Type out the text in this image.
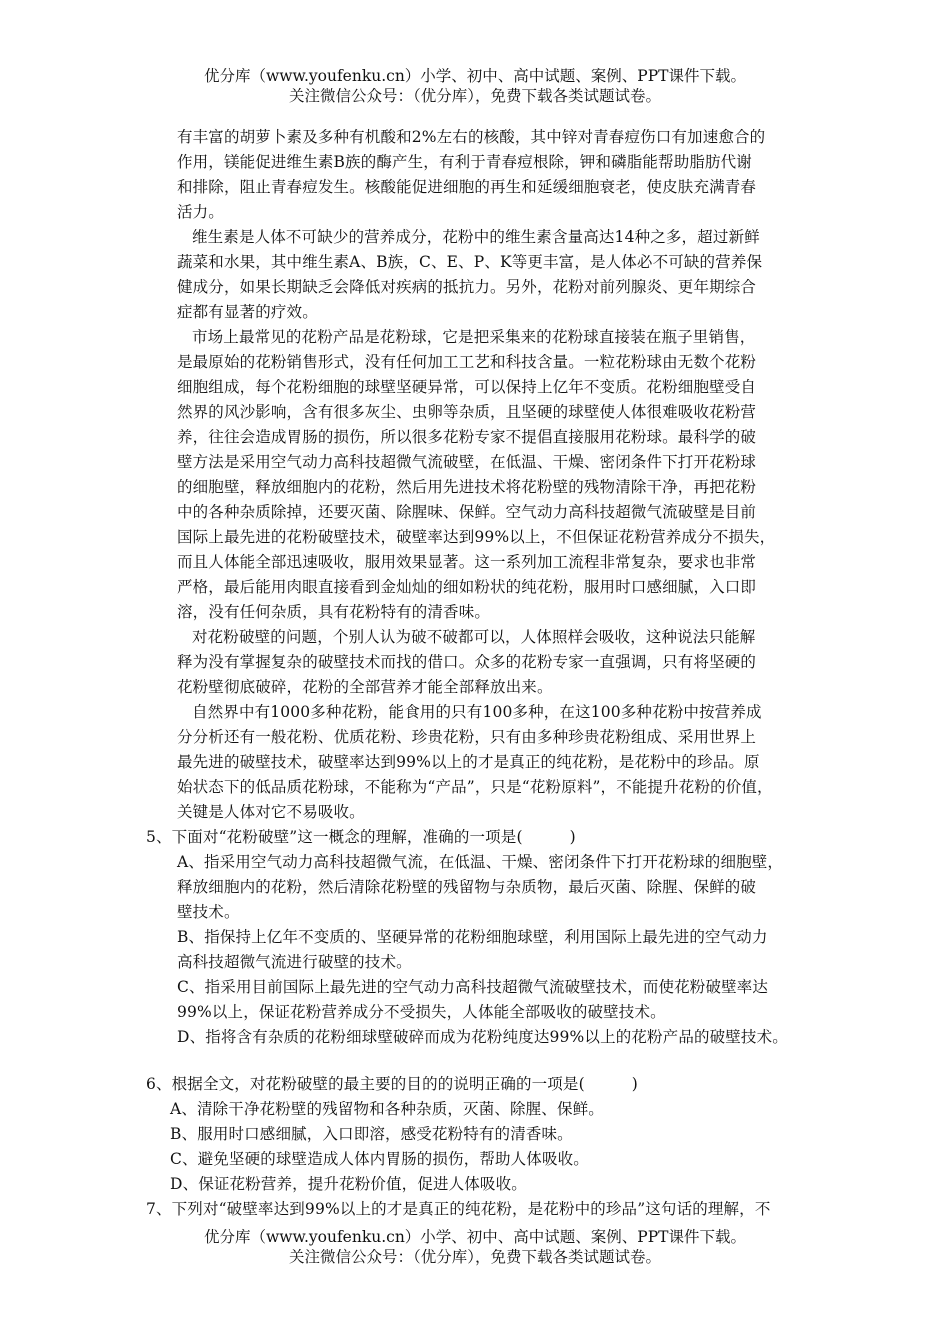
优分库（www.youfenku.cn）小学、初中、高中试题、案例、PPT课件下载。
关注微信公众号：（优分库），免费下载各类试题试卷。
有丰富的胡萝卜素及多种有机酸和2%左右的核酸，其中锌对青春痘伤口有加速愈合的
作用，镁能促进维生素B族的酶产生，有利于青春痘根除，钾和磷脂能帮助脂肪代谢
和排除，阻止青春痘发生。核酸能促进细胞的再生和延缓细胞衰老，使皮肤充满青春
活力。
维生素是人体不可缺少的营养成分，花粉中的维生素含量高达14种之多，超过新鲜
蔬菜和水果，其中维生素A、B族，C、E、P、K等更丰富，是人体必不可缺的营养保
健成分，如果长期缺乏会降低对疾病的抵抗力。另外，花粉对前列腺炎、更年期综合
症都有显著的疗效。
市场上最常见的花粉产品是花粉球，它是把采集来的花粉球直接装在瓶子里销售，
是最原始的花粉销售形式，没有任何加工工艺和科技含量。一粒花粉球由无数个花粉
细胞组成，每个花粉细胞的球壁坚硬异常，可以保持上亿年不变质。花粉细胞壁受自
然界的风沙影响，含有很多灰尘、虫卵等杂质，且坚硬的球壁使人体很难吸收花粉营
养，往往会造成胃肠的损伤，所以很多花粉专家不提倡直接服用花粉球。最科学的破
壁方法是采用空气动力高科技超微气流破壁，在低温、干燥、密闭条件下打开花粉球
的细胞壁，释放细胞内的花粉，然后用先进技术将花粉壁的残物清除干净，再把花粉
中的各种杂质除掉，还要灭菌、除腥味、保鲜。空气动力高科技超微气流破壁是目前
国际上最先进的花粉破壁技术，破壁率达到99%以上，不但保证花粉营养成分不损失，
而且人体能全部迅速吸收，服用效果显著。这一系列加工流程非常复杂，要求也非常
严格，最后能用肉眼直接看到金灿灿的细如粉状的纯花粉，服用时口感细腻，入口即
溶，没有任何杂质，具有花粉特有的清香味。
对花粉破壁的问题，个别人认为破不破都可以，人体照样会吸收，这种说法只能解
释为没有掌握复杂的破壁技术而找的借口。众多的花粉专家一直强调，只有将坚硬的
花粉壁彻底破碎，花粉的全部营养才能全部释放出来。
自然界中有1000多种花粉，能食用的只有100多种，在这100多种花粉中按营养成
分分析还有一般花粉、优质花粉、珍贵花粉，只有由多种珍贵花粉组成、采用世界上
最先进的破壁技术，破壁率达到99%以上的才是真正的纯花粉，是花粉中的珍品。原
始状态下的低品质花粉球，不能称为“产品”，只是“花粉原料”，不能提升花粉的价值，
关键是人体对它不易吸收。
5、下面对“花粉破壁”这一概念的理解，准确的一项是(　　　)
A、指采用空气动力高科技超微气流，在低温、干燥、密闭条件下打开花粉球的细胞壁，
释放细胞内的花粉，然后清除花粉壁的残留物与杂质物，最后灭菌、除腥、保鲜的破
壁技术。
B、指保持上亿年不变质的、坚硬异常的花粉细胞球壁，利用国际上最先进的空气动力
高科技超微气流进行破壁的技术。
C、指采用目前国际上最先进的空气动力高科技超微气流破壁技术，而使花粉破壁率达
99%以上，保证花粉营养成分不受损失，人体能全部吸收的破壁技术。
D、指将含有杂质的花粉细球壁破碎而成为花粉纯度达99%以上的花粉产品的破壁技术。
6、根据全文，对花粉破壁的最主要的目的的说明正确的一项是(　　　)
A、清除干净花粉壁的残留物和各种杂质，灭菌、除腥、保鲜。
B、服用时口感细腻，入口即溶，感受花粉特有的清香味。
C、避免坚硬的球壁造成人体内胃肠的损伤，帮助人体吸收。
D、保证花粉营养，提升花粉价值，促进人体吸收。
7、下列对“破壁率达到99%以上的才是真正的纯花粉，是花粉中的珍品”这句话的理解，不
优分库（www.youfenku.cn）小学、初中、高中试题、案例、PPT课件下载。
关注微信公众号：（优分库），免费下载各类试题试卷。
